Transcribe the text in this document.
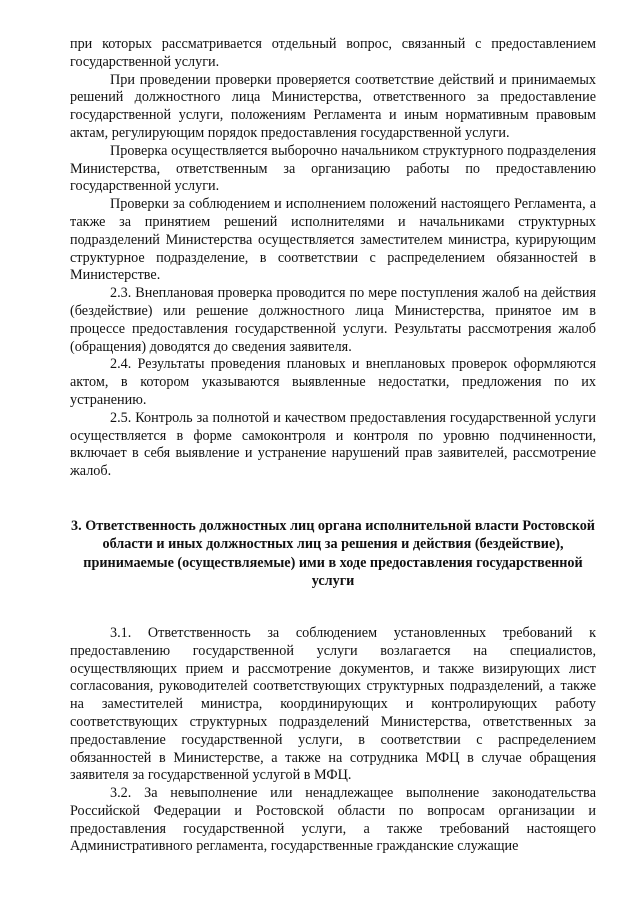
при которых рассматривается отдельный вопрос, связанный с предоставлением государственной услуги.

При проведении проверки проверяется соответствие действий и принимаемых решений должностного лица Министерства, ответственного за предоставление государственной услуги, положениям Регламента и иным нормативным правовым актам, регулирующим порядок предоставления государственной услуги.

Проверка осуществляется выборочно начальником структурного подразделения Министерства, ответственным за организацию работы по предоставлению государственной услуги.

Проверки за соблюдением и исполнением положений настоящего Регламента, а также за принятием решений исполнителями и начальниками структурных подразделений Министерства осуществляется заместителем министра, курирующим структурное подразделение, в соответствии с распределением обязанностей в Министерстве.

2.3. Внеплановая проверка проводится по мере поступления жалоб на действия (бездействие) или решение должностного лица Министерства, принятое им в процессе предоставления государственной услуги. Результаты рассмотрения жалоб (обращения) доводятся до сведения заявителя.

2.4. Результаты проведения плановых и внеплановых проверок оформляются актом, в котором указываются выявленные недостатки, предложения по их устранению.

2.5. Контроль за полнотой и качеством предоставления государственной услуги осуществляется в форме самоконтроля и контроля по уровню подчиненности, включает в себя выявление и устранение нарушений прав заявителей, рассмотрение жалоб.

3. Ответственность должностных лиц органа исполнительной власти Ростовской области и иных должностных лиц за решения и действия (бездействие), принимаемые (осуществляемые) ими в ходе предоставления государственной услуги

3.1. Ответственность за соблюдением установленных требований к предоставлению государственной услуги возлагается на специалистов, осуществляющих прием и рассмотрение документов, и также визирующих лист согласования, руководителей соответствующих структурных подразделений, а также на заместителей министра, координирующих и контролирующих работу соответствующих структурных подразделений Министерства, ответственных за предоставление государственной услуги, в соответствии с распределением обязанностей в Министерстве, а также на сотрудника МФЦ в случае обращения заявителя за государственной услугой в МФЦ.

3.2. За невыполнение или ненадлежащее выполнение законодательства Российской Федерации и Ростовской области по вопросам организации и предоставления государственной услуги, а также требований настоящего Административного регламента, государственные гражданские служащие
